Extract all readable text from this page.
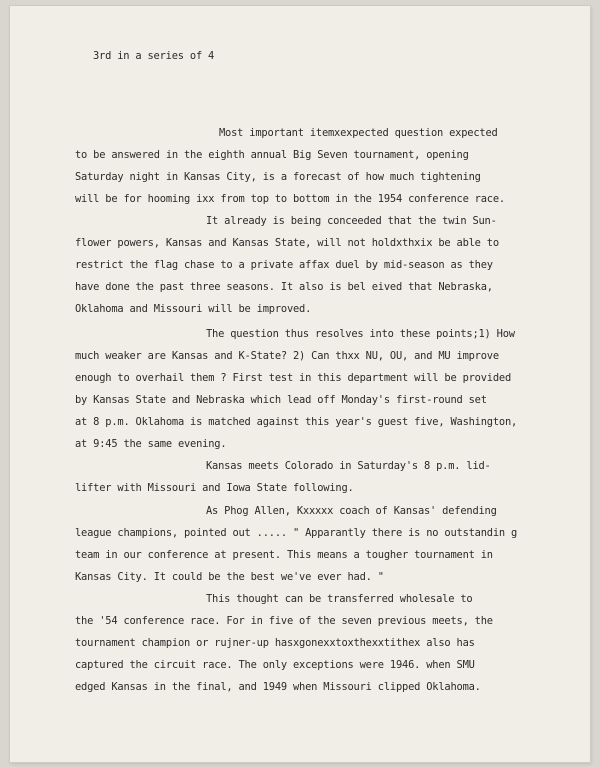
3rd in a series of 4
Most important itemxexpected question expected
to be answered in the eighth annual Big Seven tournament, opening
Saturday night in Kansas City, is a forecast of how much tightening
will be for hooming ixx from top to bottom in the 1954 conference race.
It already is being conceeded that the twin Sun-
flower powers, Kansas and Kansas State, will not holdxthxix be able to
restrict the flag chase to a private affax duel by mid-season as they
have done the past three seasons. It also is bel eived that Nebraska,
Oklahoma and Missouri will be improved.
The question thus resolves into these points;1) How
much weaker are Kansas and K-State? 2) Can thxx NU, OU, and MU improve
enough to overhail them ? First test in this department will be provided
by Kansas State and Nebraska which lead off Monday's first-round set
at 8 p.m. Oklahoma is matched against this year's guest five, Washington,
at 9:45 the same evening.
Kansas meets Colorado in Saturday's 8 p.m. lid-
lifter with Missouri and Iowa State following.
As Phog Allen, Kxxxxx coach of Kansas' defending
league champions, pointed out ..... " Apparantly there is no outstandin g
team in our conference at present. This means a tougher tournament in
Kansas City. It could be the best we've ever had. "
This thought can be transferred wholesale to
the '54 conference race. For in five of the seven previous meets, the
tournament champion or rujner-up hasxgonexxtoxthexxtithex also has
captured the circuit race. The only exceptions were 1946. when SMU
edged Kansas in the final, and 1949 when Missouri clipped Oklahoma.
